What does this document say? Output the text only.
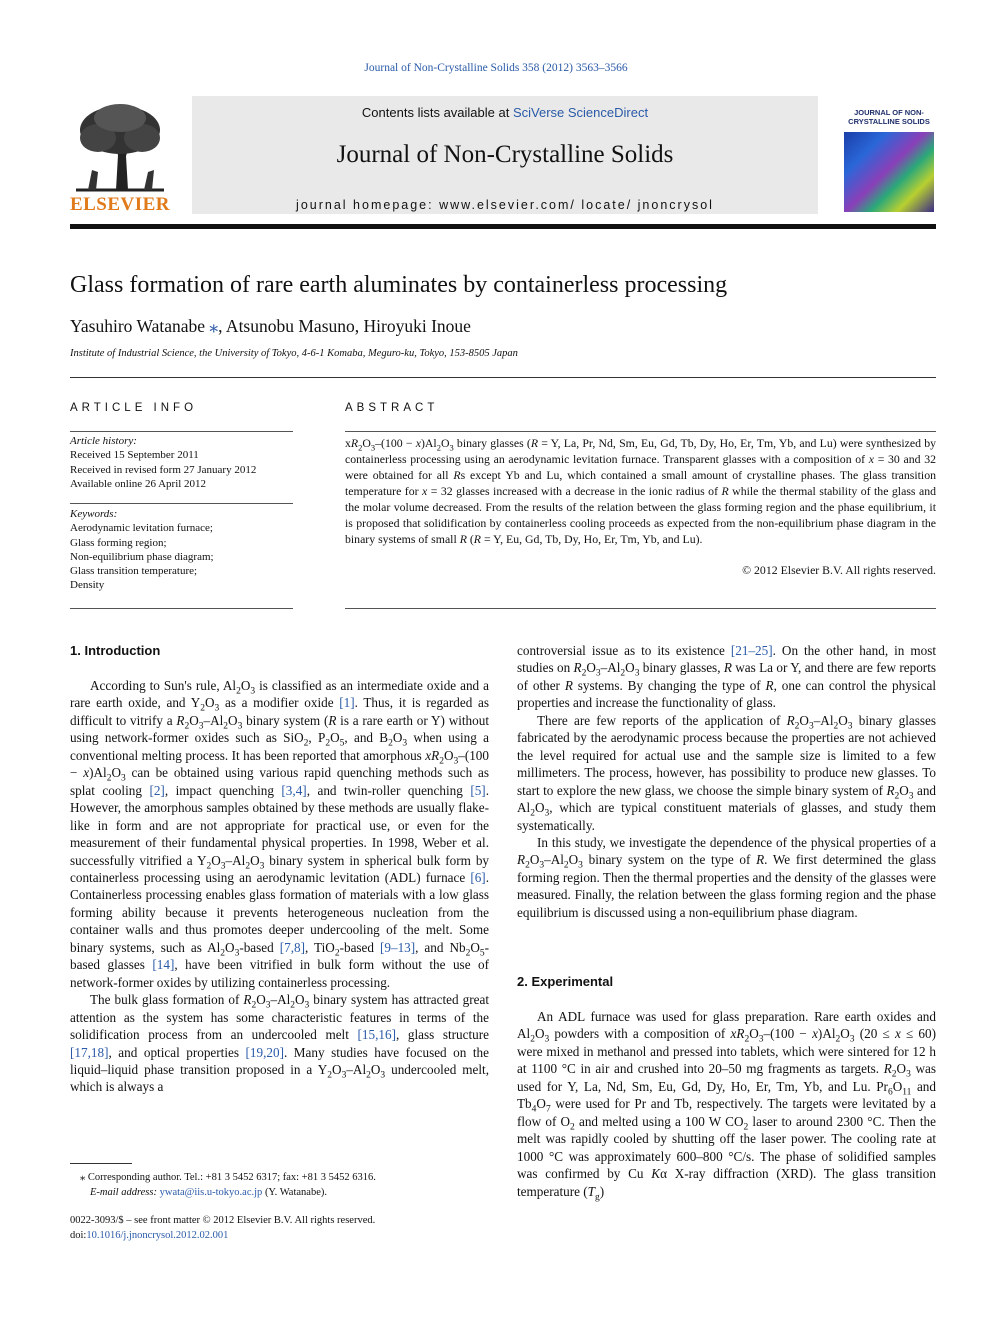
Journal of Non-Crystalline Solids 358 (2012) 3563–3566
ELSEVIER
Contents lists available at SciVerse ScienceDirect
Journal of Non-Crystalline Solids
journal homepage: www.elsevier.com/ locate/ jnoncrysol
JOURNAL OF NON-CRYSTALLINE SOLIDS
Glass formation of rare earth aluminates by containerless processing
Yasuhiro Watanabe ⁎, Atsunobu Masuno, Hiroyuki Inoue
Institute of Industrial Science, the University of Tokyo, 4-6-1 Komaba, Meguro-ku, Tokyo, 153-8505 Japan
ARTICLE INFO	ABSTRACT
Article history:
Received 15 September 2011
Received in revised form 27 January 2012
Available online 26 April 2012
Keywords:
Aerodynamic levitation furnace;
Glass forming region;
Non-equilibrium phase diagram;
Glass transition temperature;
Density
$xR_2O_3-(100 - x)Al_2O_3$ binary glasses (R = Y, La, Pr, Nd, Sm, Eu, Gd, Tb, Dy, Ho, Er, Tm, Yb, and Lu) were synthesized by containerless processing using an aerodynamic levitation furnace. Transparent glasses with a composition of x = 30 and 32 were obtained for all Rs except Yb and Lu, which contained a small amount of crystalline phases. The glass transition temperature for x = 32 glasses increased with a decrease in the ionic radius of R while the thermal stability of the glass and the molar volume decreased. From the results of the relation between the glass forming region and the phase equilibrium, it is proposed that solidification by containerless cooling proceeds as expected from the non-equilibrium phase diagram in the binary systems of small R (R = Y, Eu, Gd, Tb, Dy, Ho, Er, Tm, Yb, and Lu).
© 2012 Elsevier B.V. All rights reserved.
1. Introduction

According to Sun's rule, $Al_2O_3$ is classified as an intermediate oxide and a rare earth oxide, and $Y_2O_3$ as a modifier oxide [1]. Thus, it is regarded as difficult to vitrify a $R_2O_3-Al_2O_3$ binary system (R is a rare earth or Y) without using network-former oxides such as SiO$_2$, $P_2O_5$, and $B_2O_3$ when using a conventional melting process. It has been reported that amorphous $xR_2O_3-(100 - x)Al_2O_3$ can be obtained using various rapid quenching methods such as splat cooling [2], impact quenching [3,4], and twin-roller quenching [5]. However, the amorphous samples obtained by these methods are usually flake-like in form and are not appropriate for practical use, or even for the measurement of their fundamental physical properties. In 1998, Weber et al. successfully vitrified a $Y_2O_3-Al_2O_3$ binary system in spherical bulk form by containerless processing using an aerodynamic levitation (ADL) furnace [6]. Containerless processing enables glass formation of materials with a low glass forming ability because it prevents heterogeneous nucleation from the container walls and thus promotes deeper undercooling of the melt. Some binary systems, such as $Al_2O_3$-based [7,8], TiO$_2$-based [9–13], and $Nb_2O_5$-based glasses [14], have been vitrified in bulk form without the use of network-former oxides by utilizing containerless processing.

The bulk glass formation of $R_2O_3-Al_2O_3$ binary system has attracted great attention as the system has some characteristic features in terms of the solidification process from an undercooled melt [15,16], glass structure [17,18], and optical properties [19,20]. Many studies have focused on the liquid–liquid phase transition proposed in a $Y_2O_3-Al_2O_3$ undercooled melt, which is always a

controversial issue as to its existence [21–25]. On the other hand, in most studies on $R_2O_3-Al_2O_3$ binary glasses, R was La or Y, and there are few reports of other R systems. By changing the type of R, one can control the physical properties and increase the functionality of glass.

There are few reports of the application of $R_2O_3-Al_2O_3$ binary glasses fabricated by the aerodynamic process because the properties are not achieved the level required for actual use and the sample size is limited to a few millimeters. The process, however, has possibility to produce new glasses. To start to explore the new glass, we choose the simple binary system of $R_2O_3$ and $Al_2O_3$, which are typical constituent materials of glasses, and study them systematically.

In this study, we investigate the dependence of the physical properties of a $R_2O_3-Al_2O_3$ binary system on the type of R. We first determined the glass forming region. Then the thermal properties and the density of the glasses were measured. Finally, the relation between the glass forming region and the phase equilibrium is discussed using a non-equilibrium phase diagram.

2. Experimental

An ADL furnace was used for glass preparation. Rare earth oxides and $Al_2O_3$ powders with a composition of $xR_2O_3-(100 - x)Al_2O_3$ (20 ≤ x ≤ 60) were mixed in methanol and pressed into tablets, which were sintered for 12 h at 1100 °C in air and crushed into 20–50 mg fragments as targets. $R_2O_3$ was used for Y, La, Nd, Sm, Eu, Gd, Dy, Ho, Er, Tm, Yb, and Lu. $Pr_6O_{11}$ and $Tb_4O_7$ were used for Pr and Tb, respectively. The targets were levitated by a flow of $O_2$ and melted using a 100 W $CO_2$ laser to around 2300 °C. Then the melt was rapidly cooled by shutting off the laser power. The cooling rate at 1000 °C was approximately 600–800 °C/s. The phase of solidified samples was confirmed by Cu Kα X-ray diffraction (XRD). The glass transition temperature $(T_g)$

⁎ Corresponding author. Tel.: +81 3 5452 6317; fax: +81 3 5452 6316.
E-mail address: ywata@iis.u-tokyo.ac.jp (Y. Watanabe).
0022-3093/$ – see front matter © 2012 Elsevier B.V. All rights reserved.
doi:10.1016/j.jnoncrysol.2012.02.001
